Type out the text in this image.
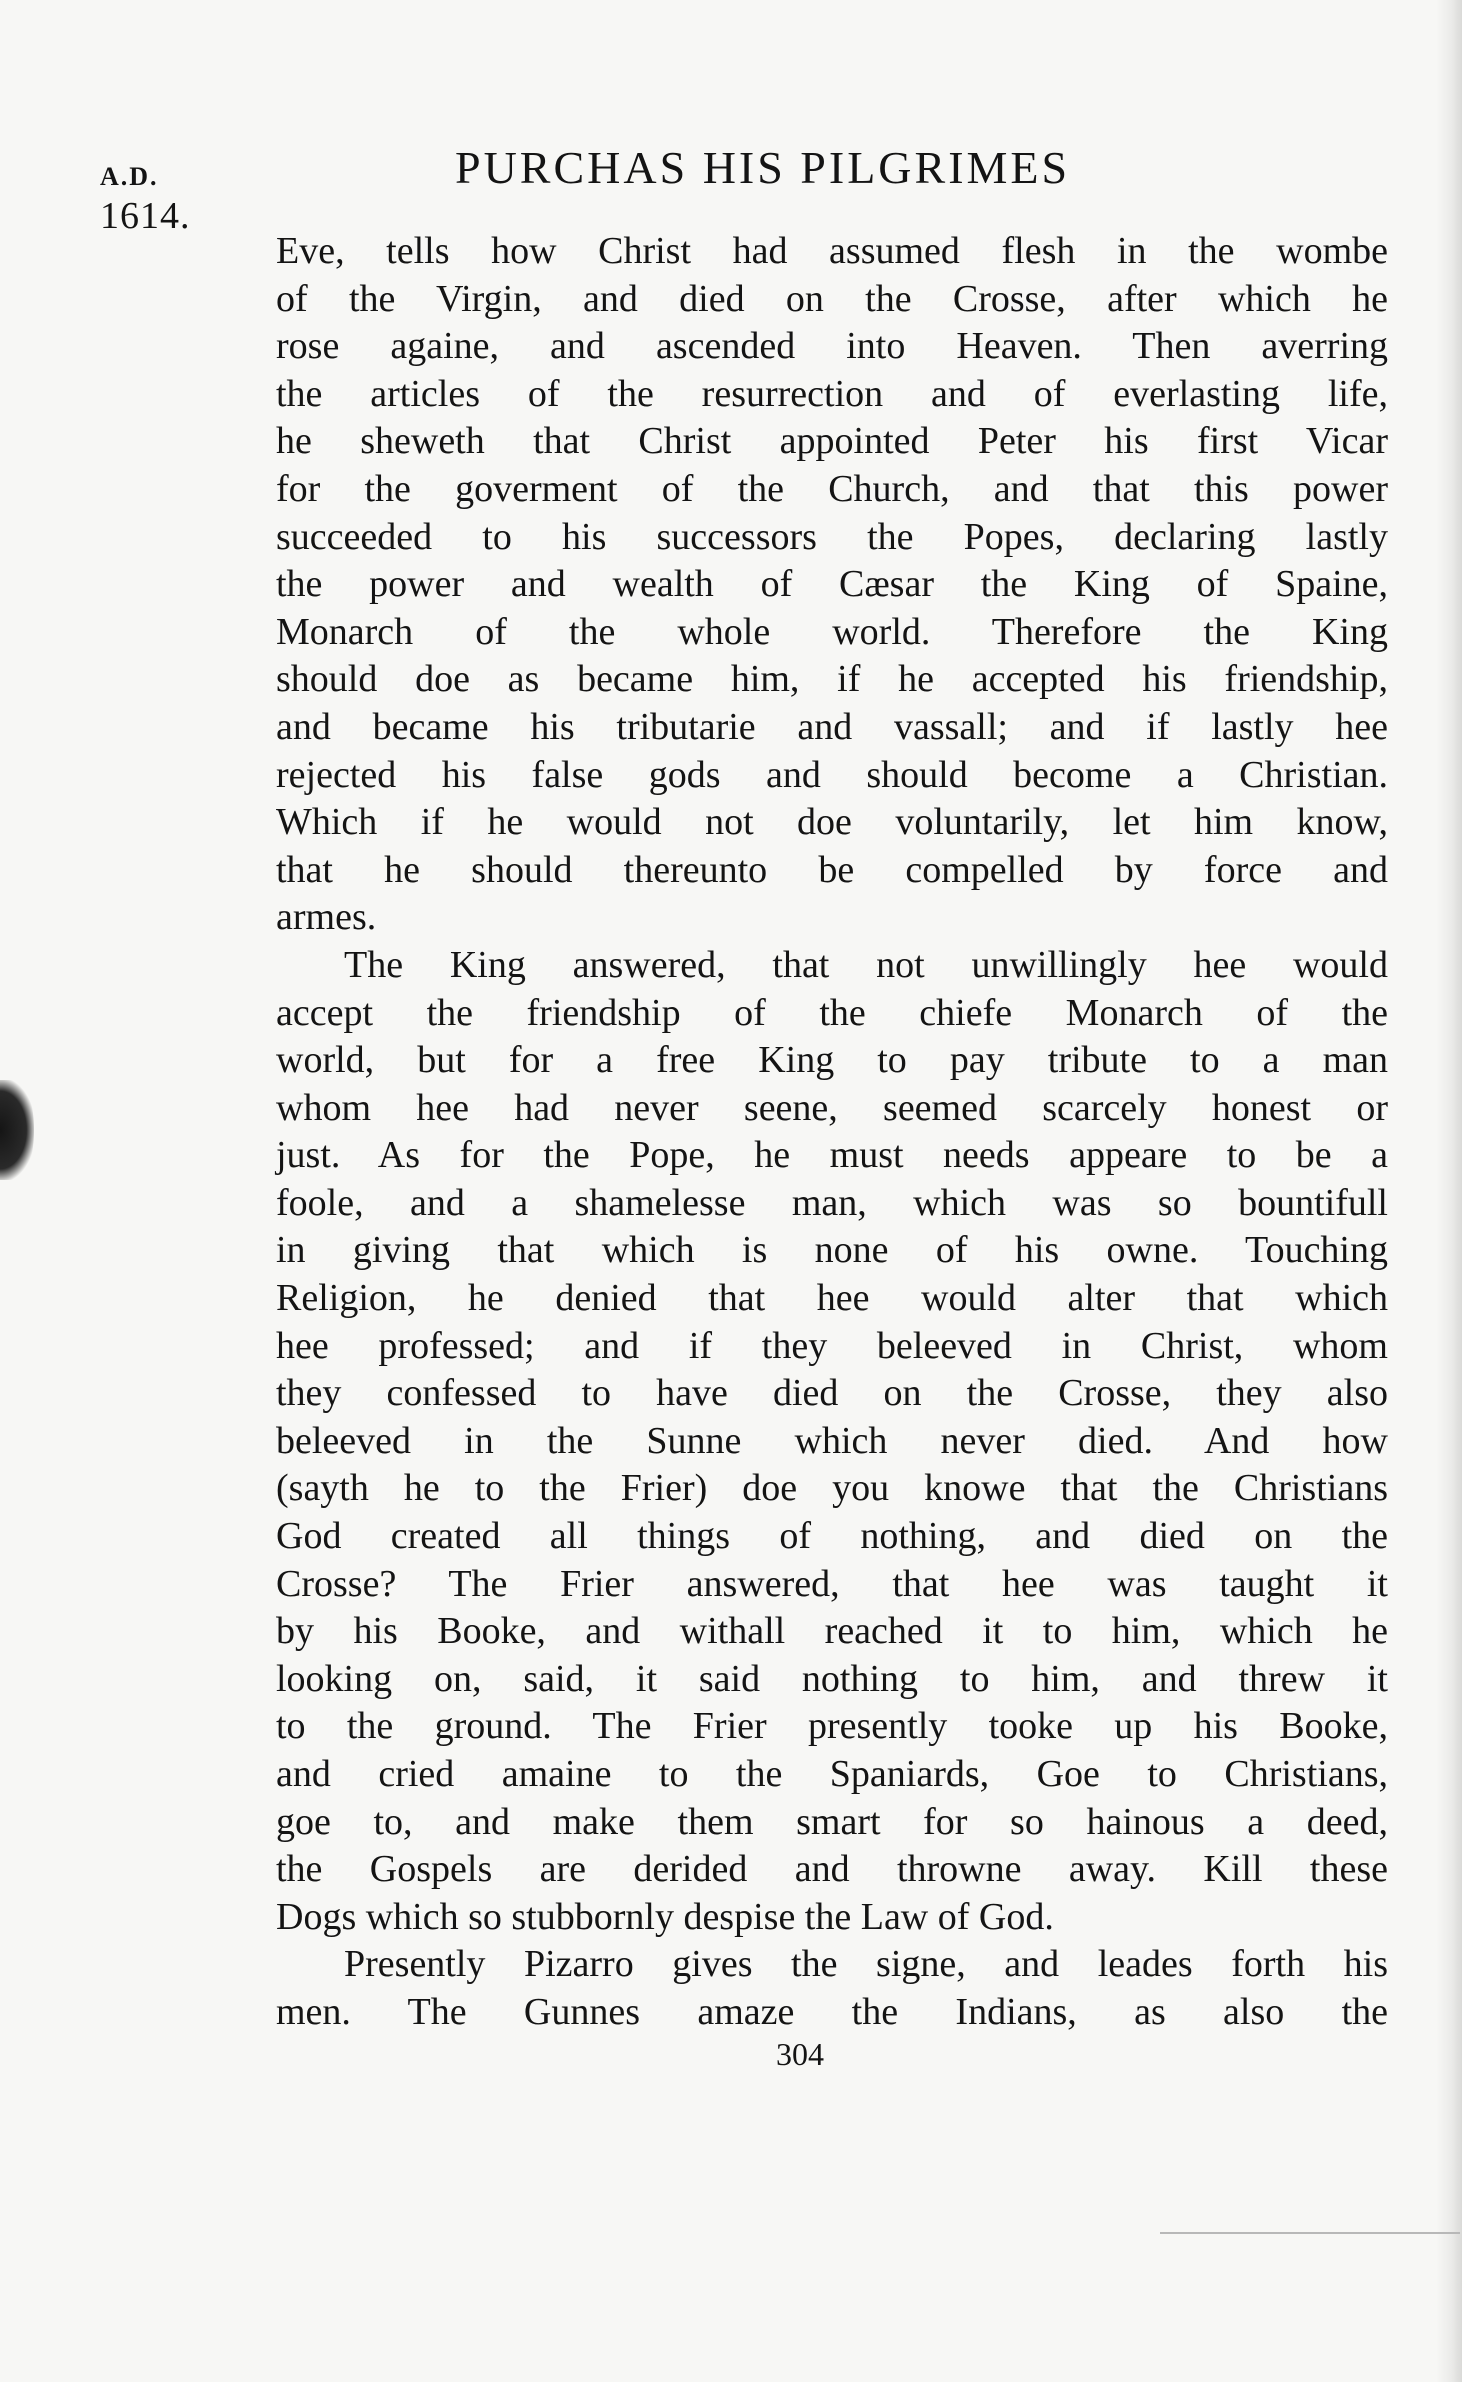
A.D.
1614.
PURCHAS HIS PILGRIMES
Eve, tells how Christ had assumed flesh in the wombe
of the Virgin, and died on the Crosse, after which he
rose againe, and ascended into Heaven. Then averring
the articles of the resurrection and of everlasting life,
he sheweth that Christ appointed Peter his first Vicar
for the goverment of the Church, and that this power
succeeded to his successors the Popes, declaring lastly
the power and wealth of Cæsar the King of Spaine,
Monarch of the whole world. Therefore the King
should doe as became him, if he accepted his friendship,
and became his tributarie and vassall; and if lastly hee
rejected his false gods and should become a Christian.
Which if he would not doe voluntarily, let him know,
that he should thereunto be compelled by force and
armes.
The King answered, that not unwillingly hee would
accept the friendship of the chiefe Monarch of the
world, but for a free King to pay tribute to a man
whom hee had never seene, seemed scarcely honest or
just. As for the Pope, he must needs appeare to be a
foole, and a shamelesse man, which was so bountifull
in giving that which is none of his owne. Touching
Religion, he denied that hee would alter that which
hee professed; and if they beleeved in Christ, whom
they confessed to have died on the Crosse, they also
beleeved in the Sunne which never died. And how
(sayth he to the Frier) doe you knowe that the Christians
God created all things of nothing, and died on the
Crosse? The Frier answered, that hee was taught it
by his Booke, and withall reached it to him, which he
looking on, said, it said nothing to him, and threw it
to the ground. The Frier presently tooke up his Booke,
and cried amaine to the Spaniards, Goe to Christians,
goe to, and make them smart for so hainous a deed,
the Gospels are derided and throwne away. Kill these
Dogs which so stubbornly despise the Law of God.
Presently Pizarro gives the signe, and leades forth his
men. The Gunnes amaze the Indians, as also the
304
